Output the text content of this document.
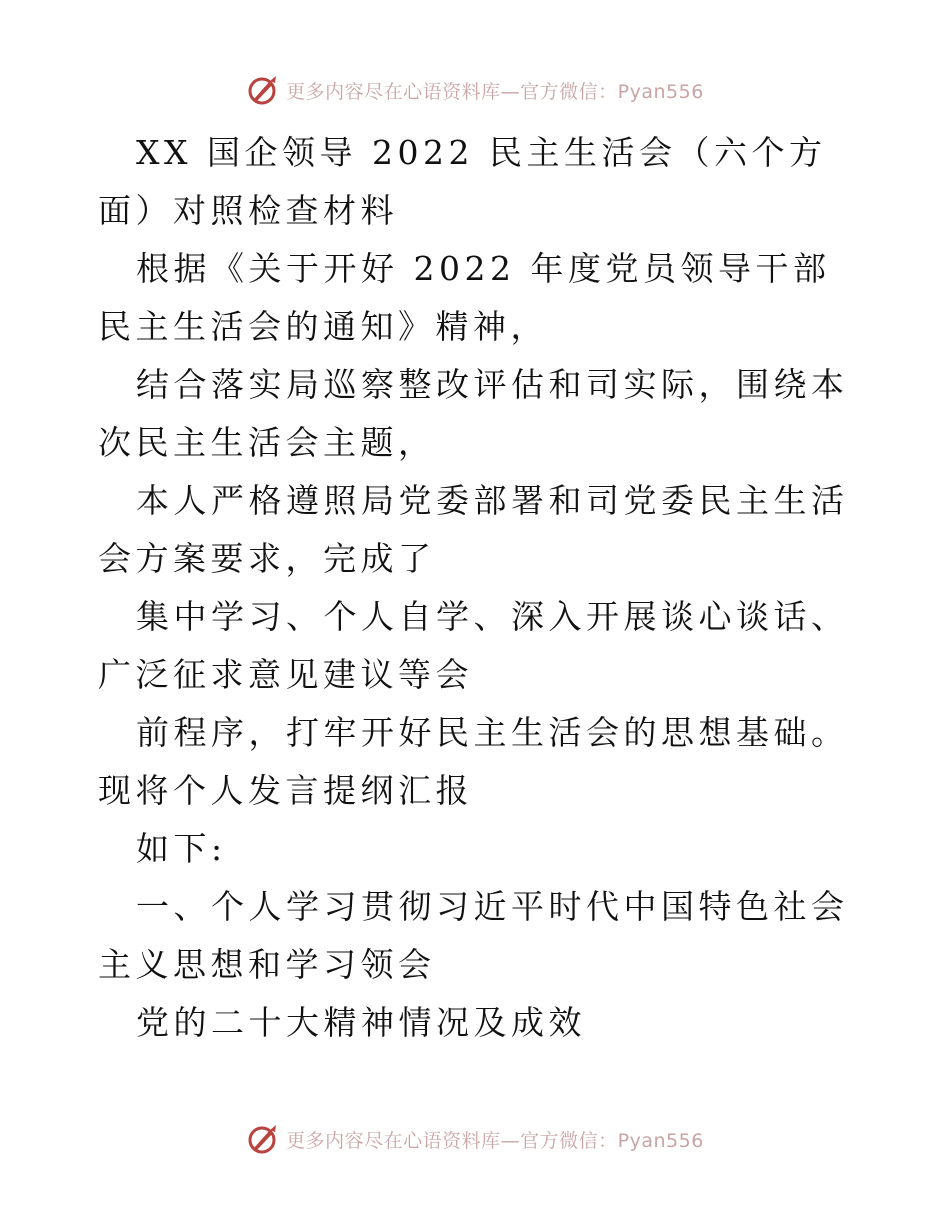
更多内容尽在心语资料库—官方微信：Pyan556

XX 国企领导 2022 民主生活会（六个方面）对照检查材料

根据《关于开好 2022 年度党员领导干部民主生活会的通知》精神，

结合落实局巡察整改评估和司实际，围绕本次民主生活会主题，

本人严格遵照局党委部署和司党委民主生活会方案要求，完成了

集中学习、个人自学、深入开展谈心谈话、广泛征求意见建议等会

前程序，打牢开好民主生活会的思想基础。现将个人发言提纲汇报

如下:

一、个人学习贯彻习近平时代中国特色社会主义思想和学习领会

党的二十大精神情况及成效

更多内容尽在心语资料库—官方微信：Pyan556
